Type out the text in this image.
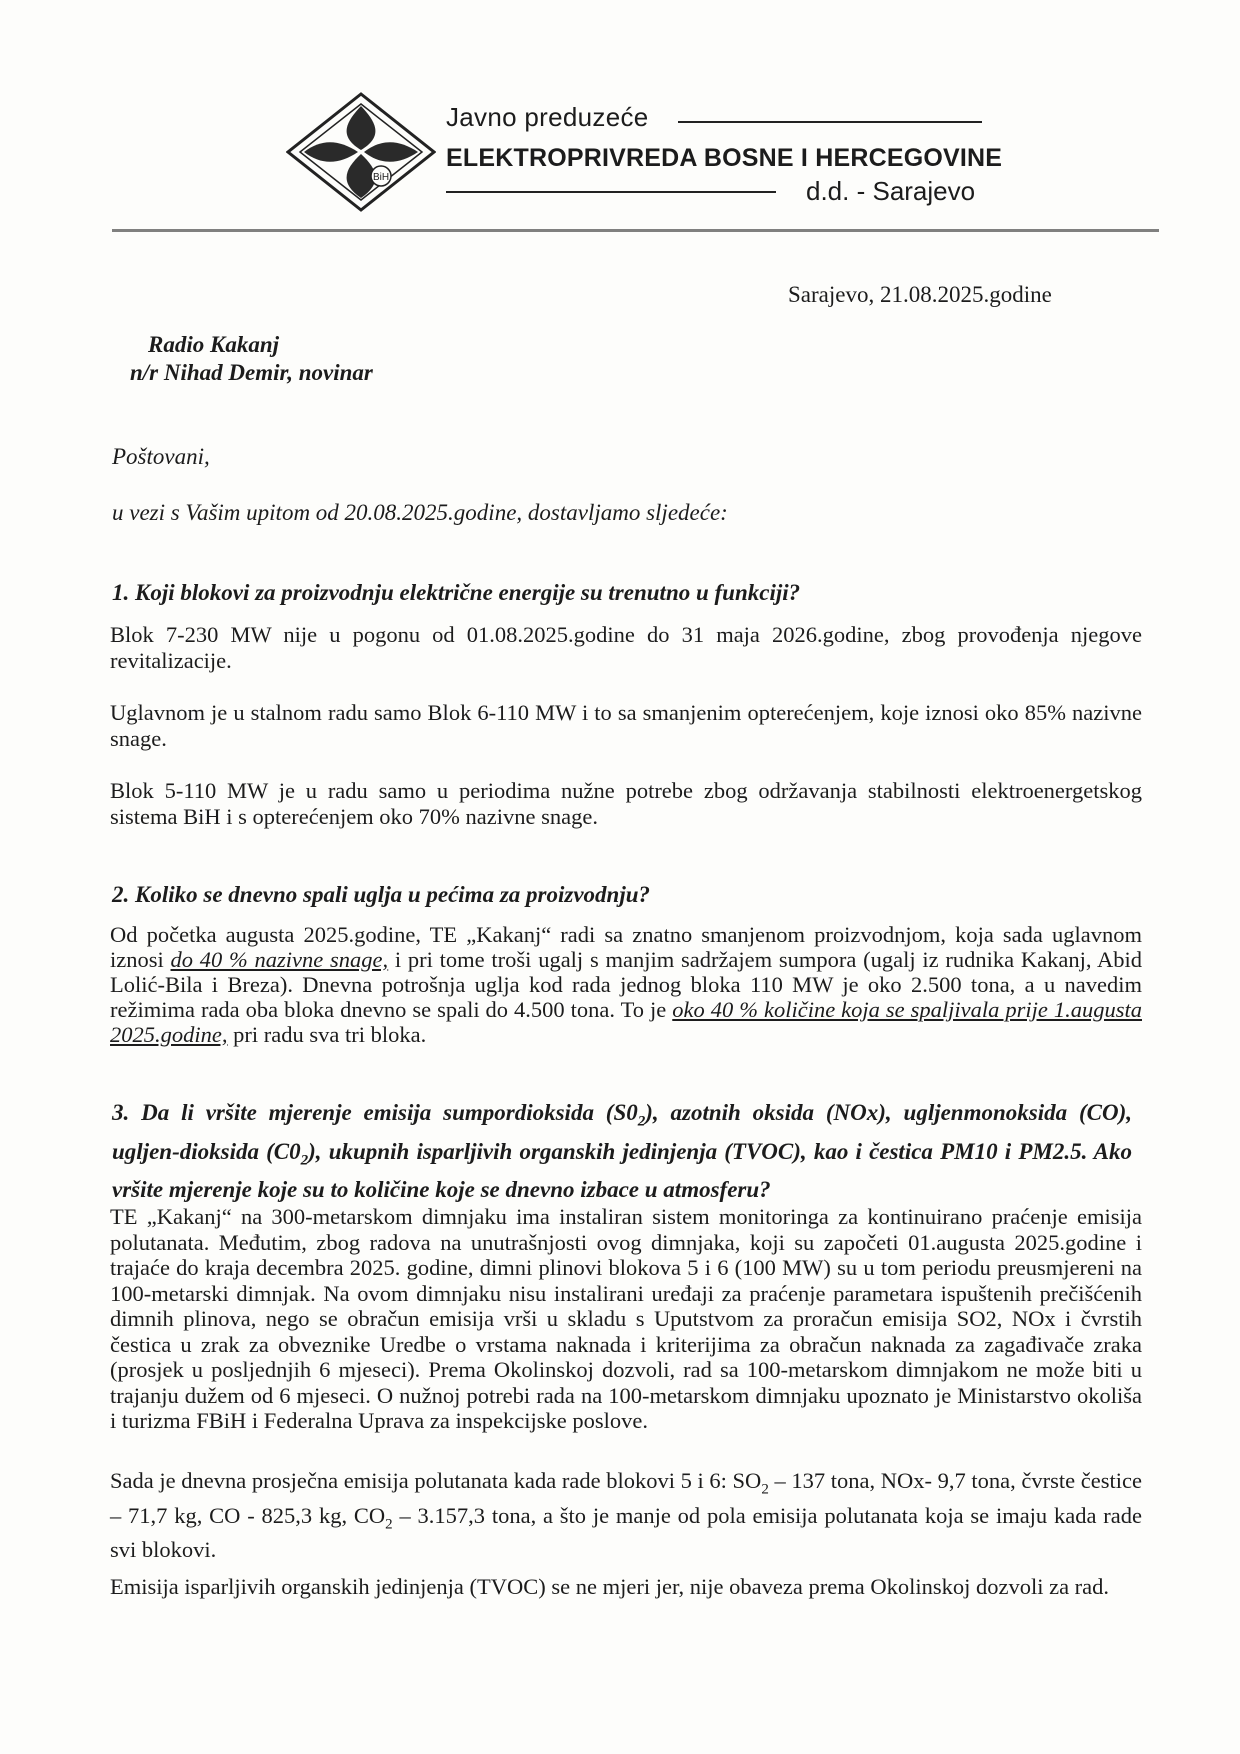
BiH
Javno preduzeće
ELEKTROPRIVREDA BOSNE I HERCEGOVINE
d.d. - Sarajevo
Sarajevo, 21.08.2025.godine
Radio Kakanj
n/r Nihad Demir, novinar
Poštovani,
u vezi s Vašim upitom od 20.08.2025.godine, dostavljamo sljedeće:
1. Koji blokovi za proizvodnju električne energije su trenutno u funkciji?
Blok 7-230 MW nije u pogonu od 01.08.2025.godine do 31 maja 2026.godine, zbog provođenja njegove revitalizacije.
Uglavnom je u stalnom radu samo Blok 6-110 MW i to sa smanjenim opterećenjem, koje iznosi oko 85% nazivne snage.
Blok 5-110 MW je u radu samo u periodima nužne potrebe zbog održavanja stabilnosti elektroenergetskog sistema BiH i s opterećenjem oko 70% nazivne snage.
2. Koliko se dnevno spali uglja u pećima za proizvodnju?
Od početka augusta 2025.godine, TE „Kakanj“ radi sa znatno smanjenom proizvodnjom, koja sada uglavnom iznosi do 40 % nazivne snage, i pri tome troši ugalj s manjim sadržajem sumpora (ugalj iz rudnika Kakanj, Abid Lolić-Bila i Breza). Dnevna potrošnja uglja kod rada jednog bloka 110 MW je oko 2.500 tona, a u navedim režimima rada oba bloka dnevno se spali do 4.500 tona. To je oko 40 % količine koja se spaljivala prije 1.augusta 2025.godine, pri radu sva tri bloka.
3. Da li vršite mjerenje emisija sumpordioksida $(S0_2)$, azotnih oksida (NOx), ugljenmonoksida (CO), ugljen-dioksida $(C0_2)$, ukupnih isparljivih organskih jedinjenja (TVOC), kao i čestica PM10 i PM2.5. Ako vršite mjerenje koje su to količine koje se dnevno izbace u atmosferu?
TE „Kakanj“ na 300-metarskom dimnjaku ima instaliran sistem monitoringa za kontinuirano praćenje emisija polutanata. Međutim, zbog radova na unutrašnjosti ovog dimnjaka, koji su započeti 01.augusta 2025.godine i trajaće do kraja decembra 2025. godine, dimni plinovi blokova 5 i 6 (100 MW) su u tom periodu preusmjereni na 100-metarski dimnjak. Na ovom dimnjaku nisu instalirani uređaji za praćenje parametara ispuštenih prečišćenih dimnih plinova, nego se obračun emisija vrši u skladu s Uputstvom za proračun emisija SO2, NOx i čvrstih čestica u zrak za obveznike Uredbe o vrstama naknada i kriterijima za obračun naknada za zagađivače zraka (prosjek u posljednjih 6 mjeseci). Prema Okolinskoj dozvoli, rad sa 100-metarskom dimnjakom ne može biti u trajanju dužem od 6 mjeseci. O nužnoj potrebi rada na 100-metarskom dimnjaku upoznato je Ministarstvo okoliša i turizma FBiH i Federalna Uprava za inspekcijske poslove.
Sada je dnevna prosječna emisija polutanata kada rade blokovi 5 i 6: $SO_2 - 137$ tona, NOx- 9,7 tona, čvrste čestice – 71,7 kg, CO - 825,3 kg, $CO_2 - 3.157,3$ tona, a što je manje od pola emisija polutanata koja se imaju kada rade svi blokovi.
Emisija isparljivih organskih jedinjenja (TVOC) se ne mjeri jer, nije obaveza prema Okolinskoj dozvoli za rad.
